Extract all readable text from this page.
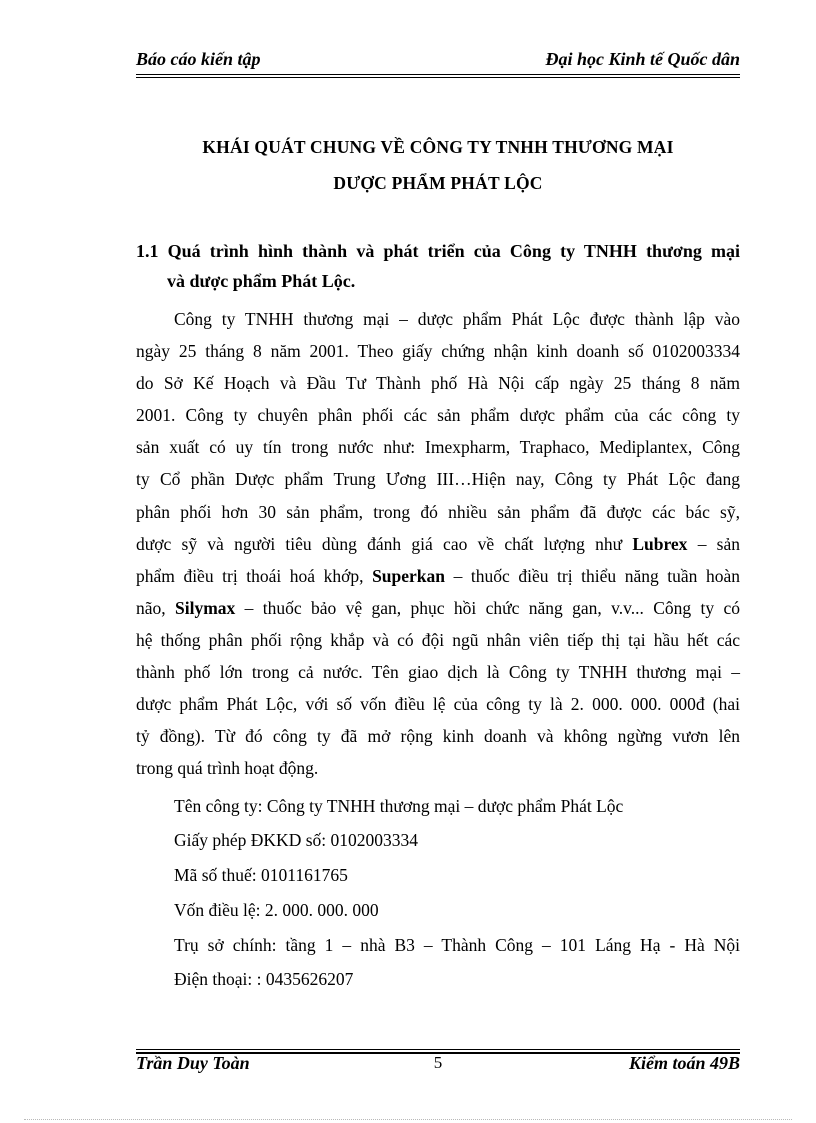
Báo cáo kiến tập	Đại học Kinh tế Quốc dân
KHÁI QUÁT CHUNG VỀ CÔNG TY TNHH THƯƠNG MẠI
DƯỢC PHẨM PHÁT LỘC
1.1 Quá trình hình thành và phát triển của Công ty TNHH thương mại
và dược phẩm Phát Lộc.
Công ty TNHH thương mại – dược phẩm Phát Lộc được thành lập vào
ngày 25 tháng 8 năm 2001. Theo giấy chứng nhận kinh doanh số 0102003334
do Sở Kế Hoạch và Đầu Tư Thành phố Hà Nội cấp ngày 25 tháng 8 năm
2001. Công ty chuyên phân phối các sản phẩm dược phẩm của các công ty
sản xuất có uy tín trong nước như: Imexpharm, Traphaco, Mediplantex, Công
ty Cổ phần Dược phẩm Trung Ương III…Hiện nay, Công ty Phát Lộc đang
phân phối hơn 30 sản phẩm, trong đó nhiều sản phẩm đã được các bác sỹ,
dược sỹ và người tiêu dùng đánh giá cao về chất lượng như Lubrex – sản
phẩm điều trị thoái hoá khớp, Superkan – thuốc điều trị thiểu năng tuần hoàn
não, Silymax – thuốc bảo vệ gan, phục hồi chức năng gan, v.v... Công ty có
hệ thống phân phối rộng khắp và có đội ngũ nhân viên tiếp thị tại hầu hết các
thành phố lớn trong cả nước. Tên giao dịch là Công ty TNHH thương mại –
dược phẩm Phát Lộc, với số vốn điều lệ của công ty là 2. 000. 000. 000đ (hai
tỷ đồng). Từ đó công ty đã mở rộng kinh doanh và không ngừng vươn lên
trong quá trình hoạt động.
Tên công ty: Công ty TNHH thương mại – dược phẩm Phát Lộc
Giấy phép ĐKKD số: 0102003334
Mã số thuế: 0101161765
Vốn điều lệ: 2. 000. 000. 000
Trụ sở chính: tầng 1 – nhà B3 – Thành Công – 101 Láng Hạ - Hà Nội
Điện thoại: : 0435626207
Trần Duy Toàn	5	Kiểm toán 49B
